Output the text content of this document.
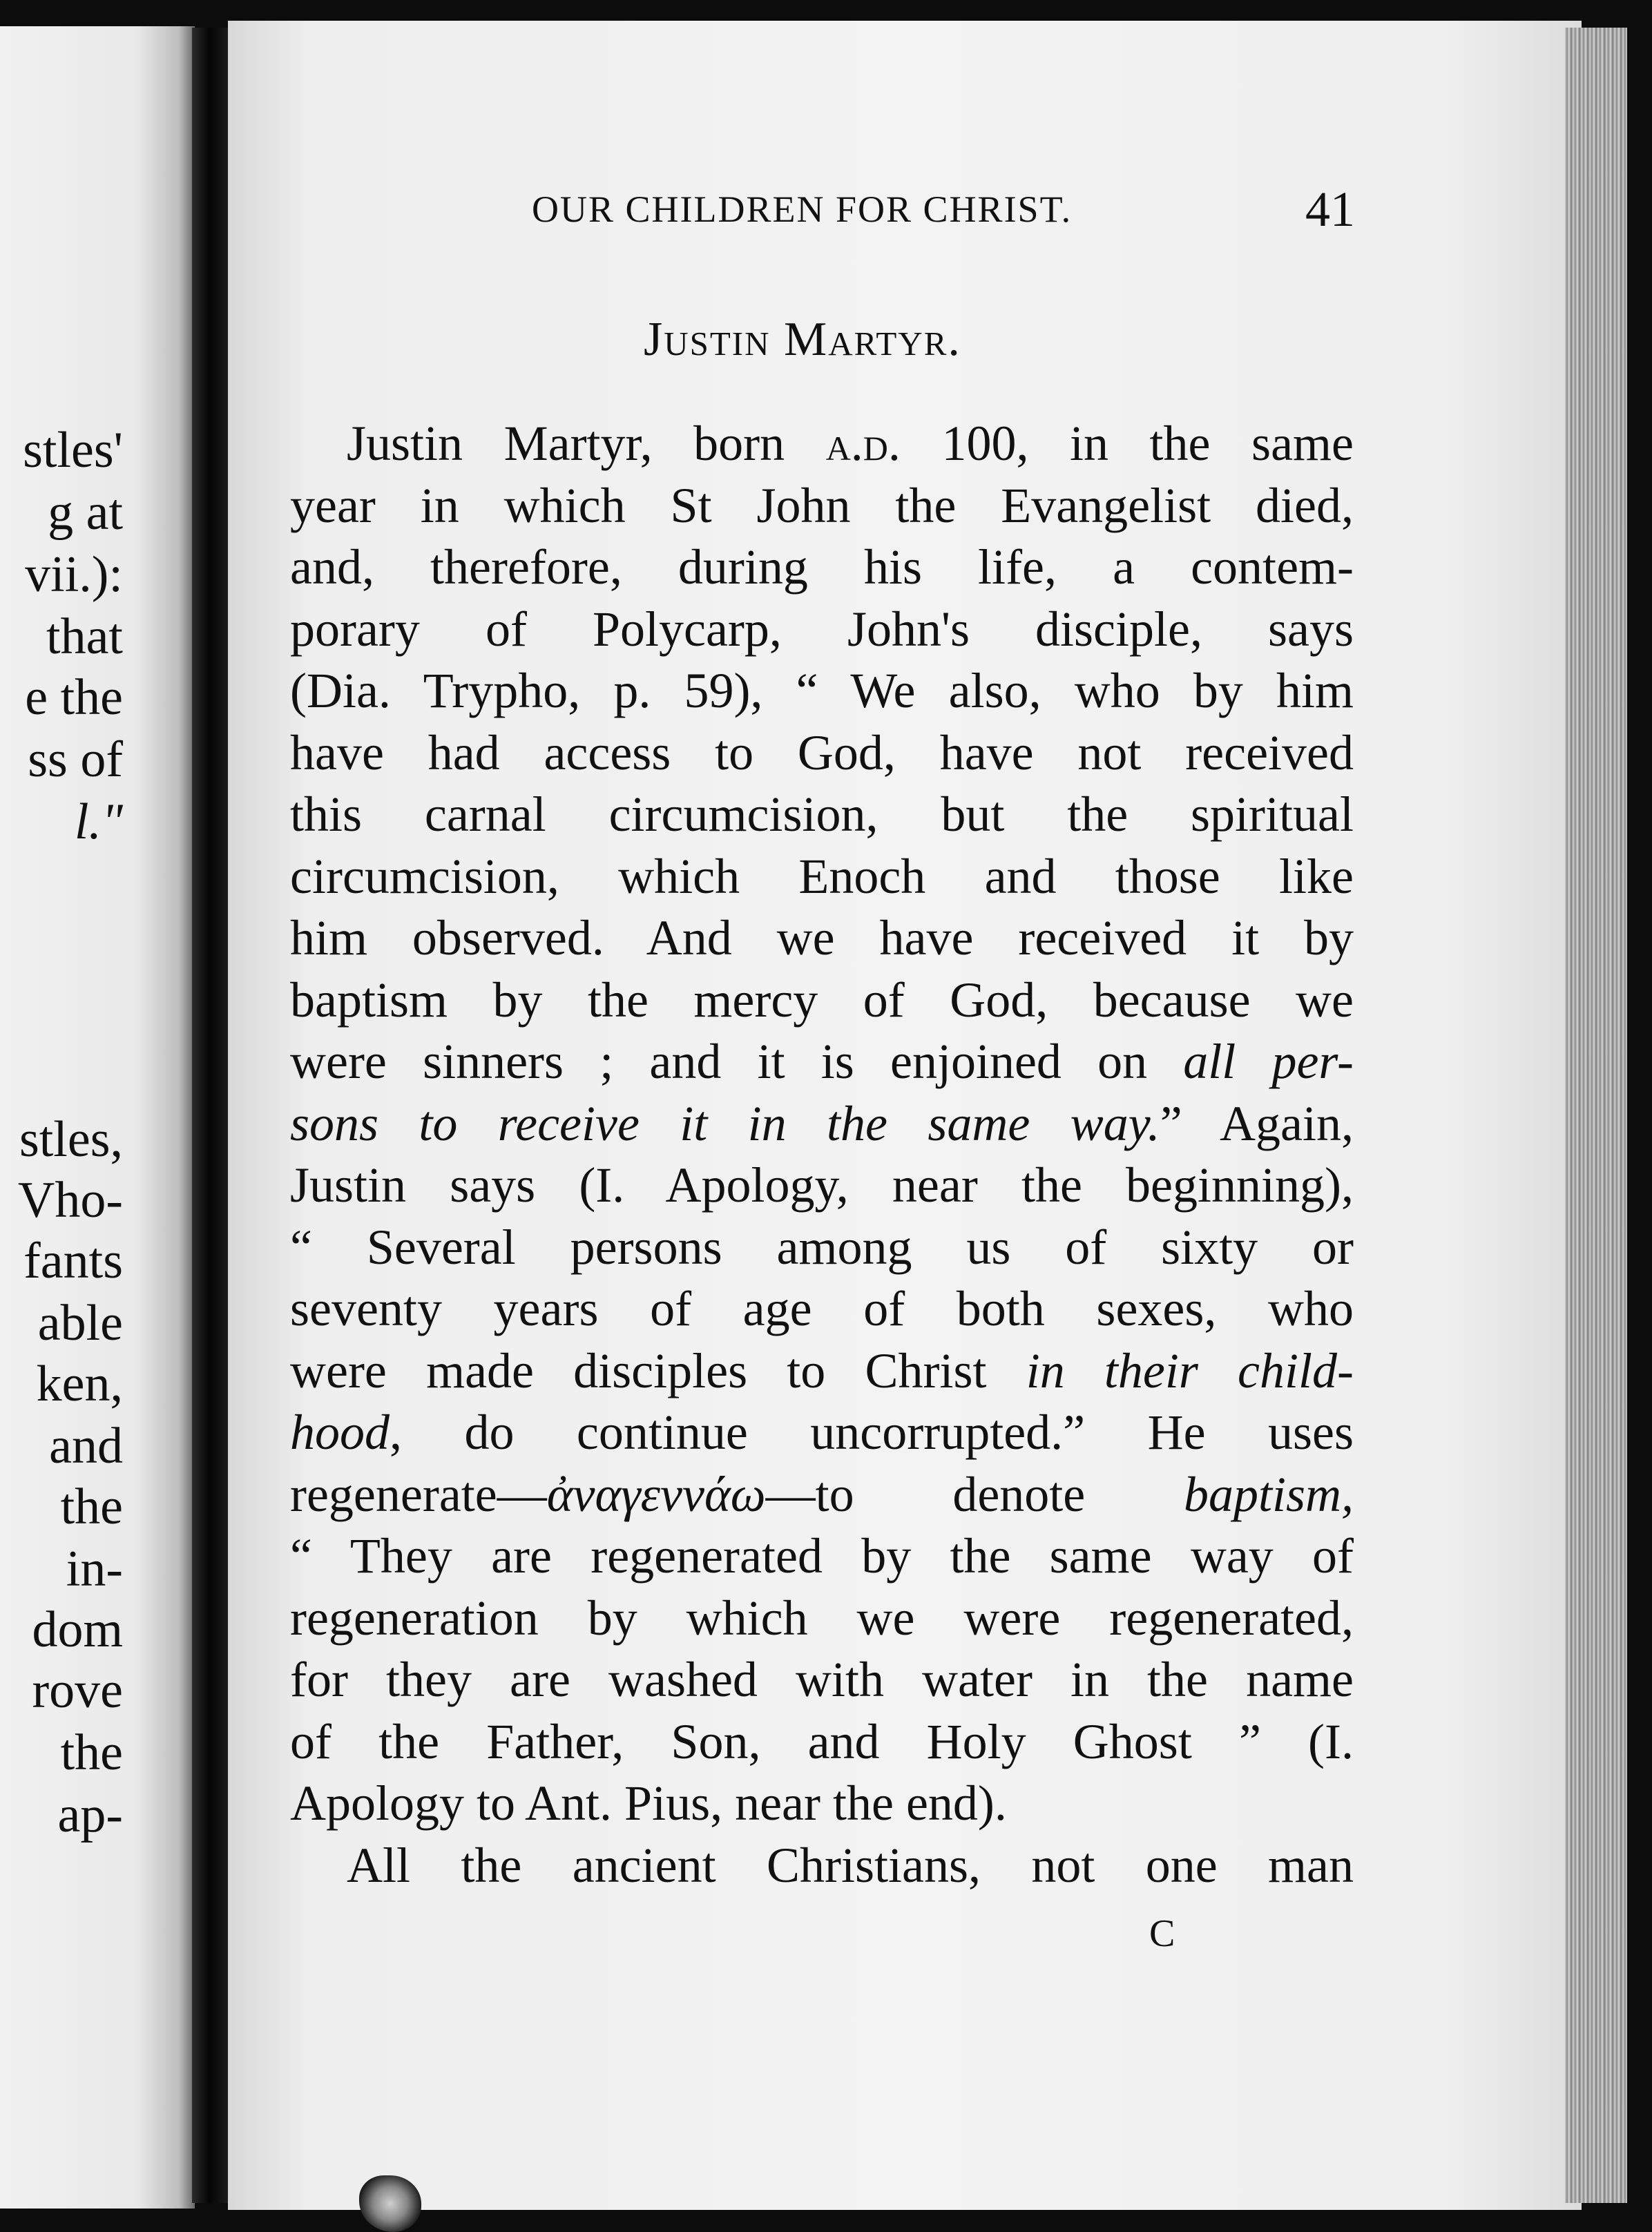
stles'
g at
vii.):
that
e the
ss of
l."
stles,
Vho-
fants
able
ken,
and
the
in-
dom
rove
the
ap-
OUR CHILDREN FOR CHRIST.	41
Justin Martyr.
Justin Martyr, born a.d. 100, in the same
year in which St John the Evangelist died,
and, therefore, during his life, a contem-
porary of Polycarp, John's disciple, says
(Dia. Trypho, p. 59), “ We also, who by him
have had access to God, have not received
this carnal circumcision, but the spiritual
circumcision, which Enoch and those like
him observed. And we have received it by
baptism by the mercy of God, because we
were sinners ; and it is enjoined on all per-
sons to receive it in the same way.” Again,
Justin says (I. Apology, near the beginning),
“ Several persons among us of sixty or
seventy years of age of both sexes, who
were made disciples to Christ in their child-
hood, do continue uncorrupted.” He uses
regenerate—ἀναγεννάω—to denote baptism,
“ They are regenerated by the same way of
regeneration by which we were regenerated,
for they are washed with water in the name
of the Father, Son, and Holy Ghost ” (I.
Apology to Ant. Pius, near the end).
All the ancient Christians, not one man
C
